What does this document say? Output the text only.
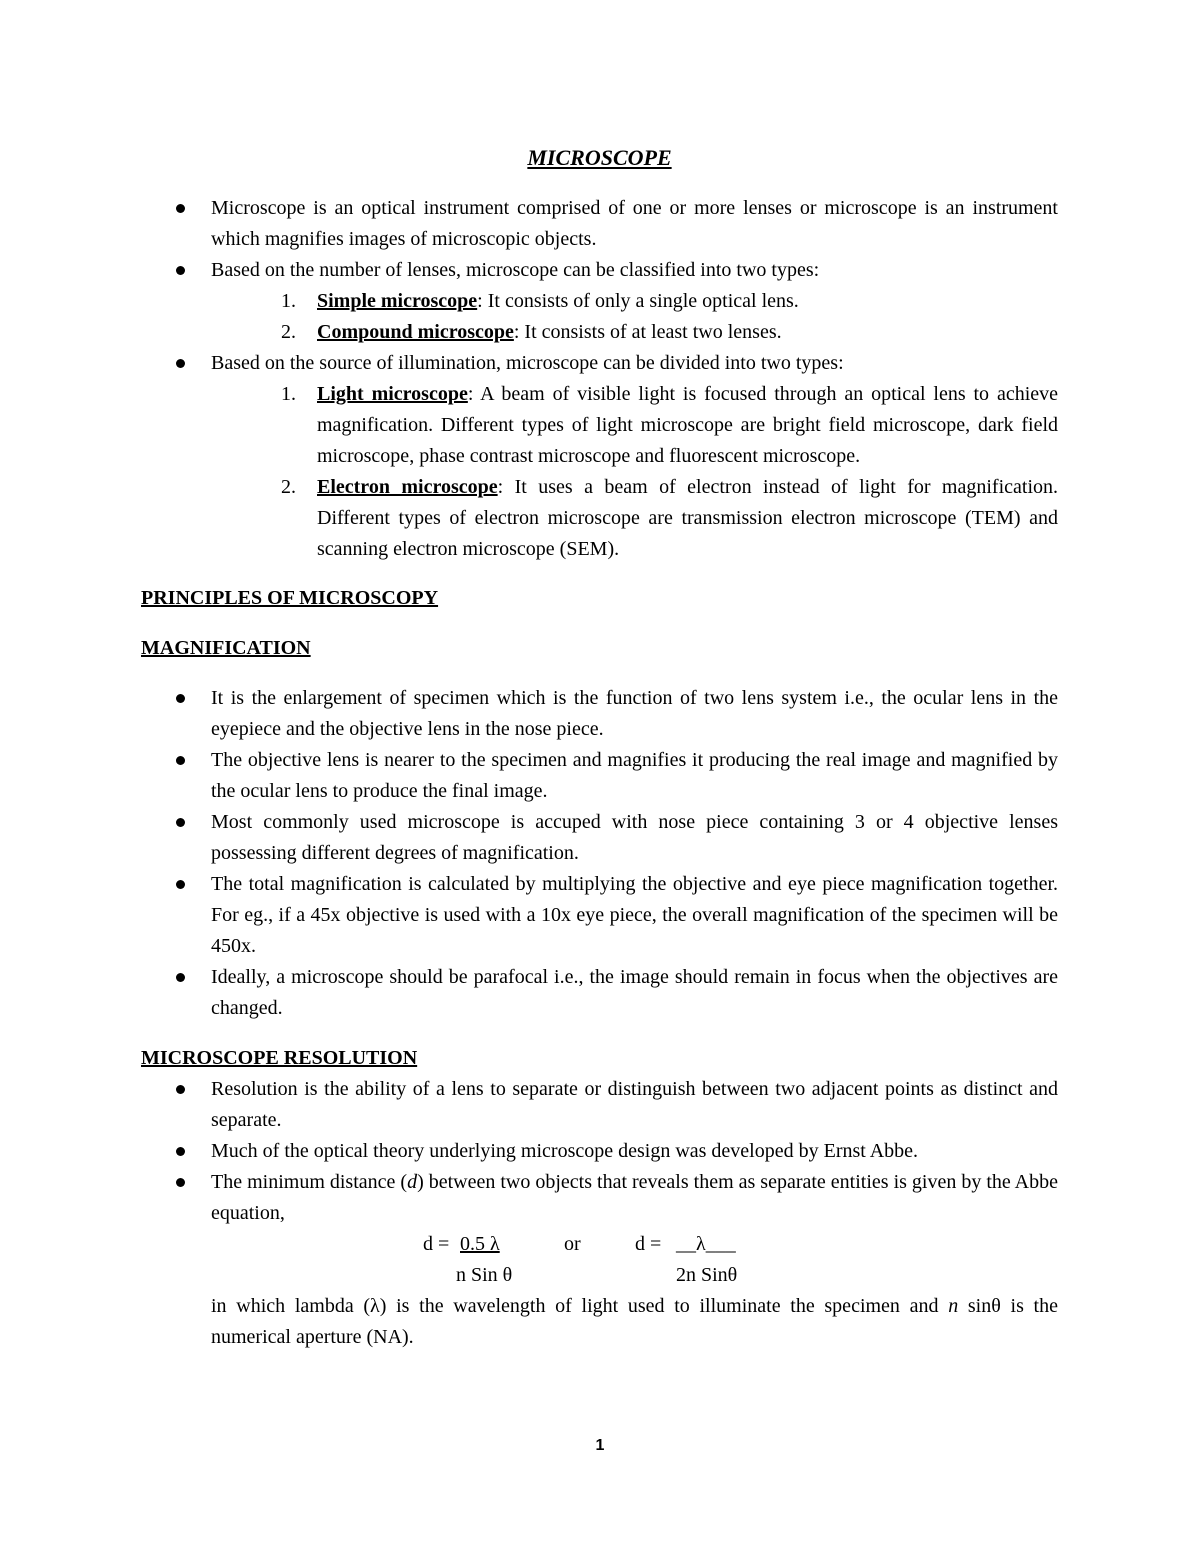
MICROSCOPE
Microscope is an optical instrument comprised of one or more lenses or microscope is an instrument which magnifies images of microscopic objects.
Based on the number of lenses, microscope can be classified into two types:
1. Simple microscope: It consists of only a single optical lens.
2. Compound microscope: It consists of at least two lenses.
Based on the source of illumination, microscope can be divided into two types:
1. Light microscope: A beam of visible light is focused through an optical lens to achieve magnification. Different types of light microscope are bright field microscope, dark field microscope, phase contrast microscope and fluorescent microscope.
2. Electron microscope: It uses a beam of electron instead of light for magnification. Different types of electron microscope are transmission electron microscope (TEM) and scanning electron microscope (SEM).

PRINCIPLES OF MICROSCOPY

MAGNIFICATION

It is the enlargement of specimen which is the function of two lens system i.e., the ocular lens in the eyepiece and the objective lens in the nose piece.
The objective lens is nearer to the specimen and magnifies it producing the real image and magnified by the ocular lens to produce the final image.
Most commonly used microscope is accuped with nose piece containing 3 or 4 objective lenses possessing different degrees of magnification.
The total magnification is calculated by multiplying the objective and eye piece magnification together. For eg., if a 45x objective is used with a 10x eye piece, the overall magnification of the specimen will be 450x.
Ideally, a microscope should be parafocal i.e., the image should remain in focus when the objectives are changed.

MICROSCOPE RESOLUTION

Resolution is the ability of a lens to separate or distinguish between two adjacent points as distinct and separate.
Much of the optical theory underlying microscope design was developed by Ernst Abbe.
The minimum distance (d) between two objects that reveals them as separate entities is given by the Abbe equation,
d = 0.5 λ	or	d = __λ___
n Sin θ	2n Sinθ
in which lambda (λ) is the wavelength of light used to illuminate the specimen and n sinθ is the numerical aperture (NA).
1
